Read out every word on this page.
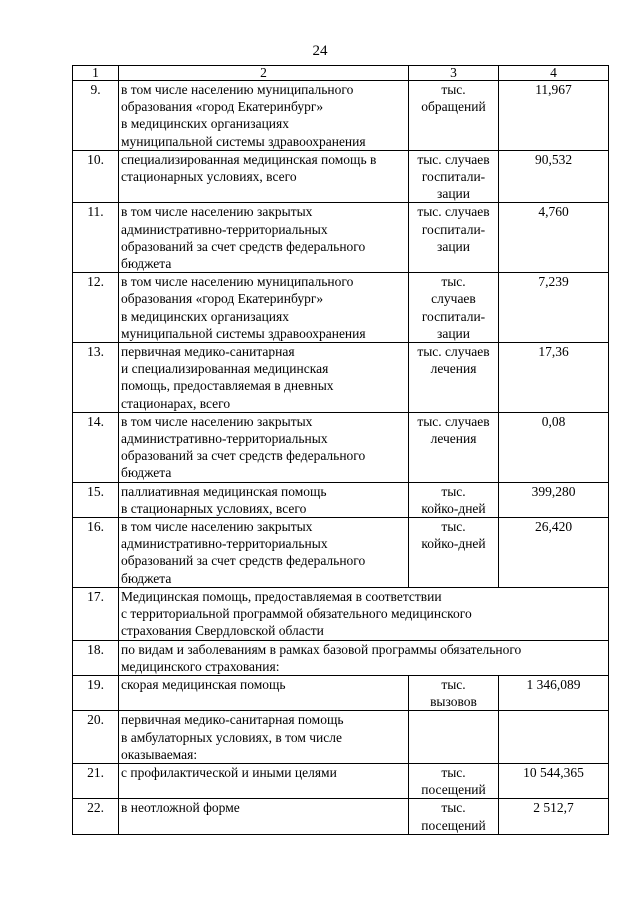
24
1	2	3	4
9.	в том числе населению муниципального
образования «город Екатеринбург»
в медицинских организациях
муниципальной системы здравоохранения	тыс.
обращений	11,967
10.	специализированная медицинская помощь в
стационарных условиях, всего	тыс. случаев
госпитали-
зации	90,532
11.	в том числе населению закрытых
административно-территориальных
образований за счет средств федерального
бюджета	тыс. случаев
госпитали-
зации	4,760
12.	в том числе населению муниципального
образования «город Екатеринбург»
в медицинских организациях
муниципальной системы здравоохранения	тыс.
случаев
госпитали-
зации	7,239
13.	первичная медико-санитарная
и специализированная медицинская
помощь, предоставляемая в дневных
стационарах, всего	тыс. случаев
лечения	17,36
14.	в том числе населению закрытых
административно-территориальных
образований за счет средств федерального
бюджета	тыс. случаев
лечения	0,08
15.	паллиативная медицинская помощь
в стационарных условиях, всего	тыс.
койко-дней	399,280
16.	в том числе населению закрытых
административно-территориальных
образований за счет средств федерального
бюджета	тыс.
койко-дней	26,420
17.	Медицинская помощь, предоставляемая в соответствии
с территориальной программой обязательного медицинского
страхования Свердловской области		
18.	по видам и заболеваниям в рамках базовой программы обязательного
медицинского страхования:		
19.	скорая медицинская помощь	тыс.
вызовов	1 346,089
20.	первичная медико-санитарная помощь
в амбулаторных условиях, в том числе
оказываемая:		
21.	с профилактической и иными целями	тыс.
посещений	10 544,365
22.	в неотложной форме	тыс.
посещений	2 512,7
